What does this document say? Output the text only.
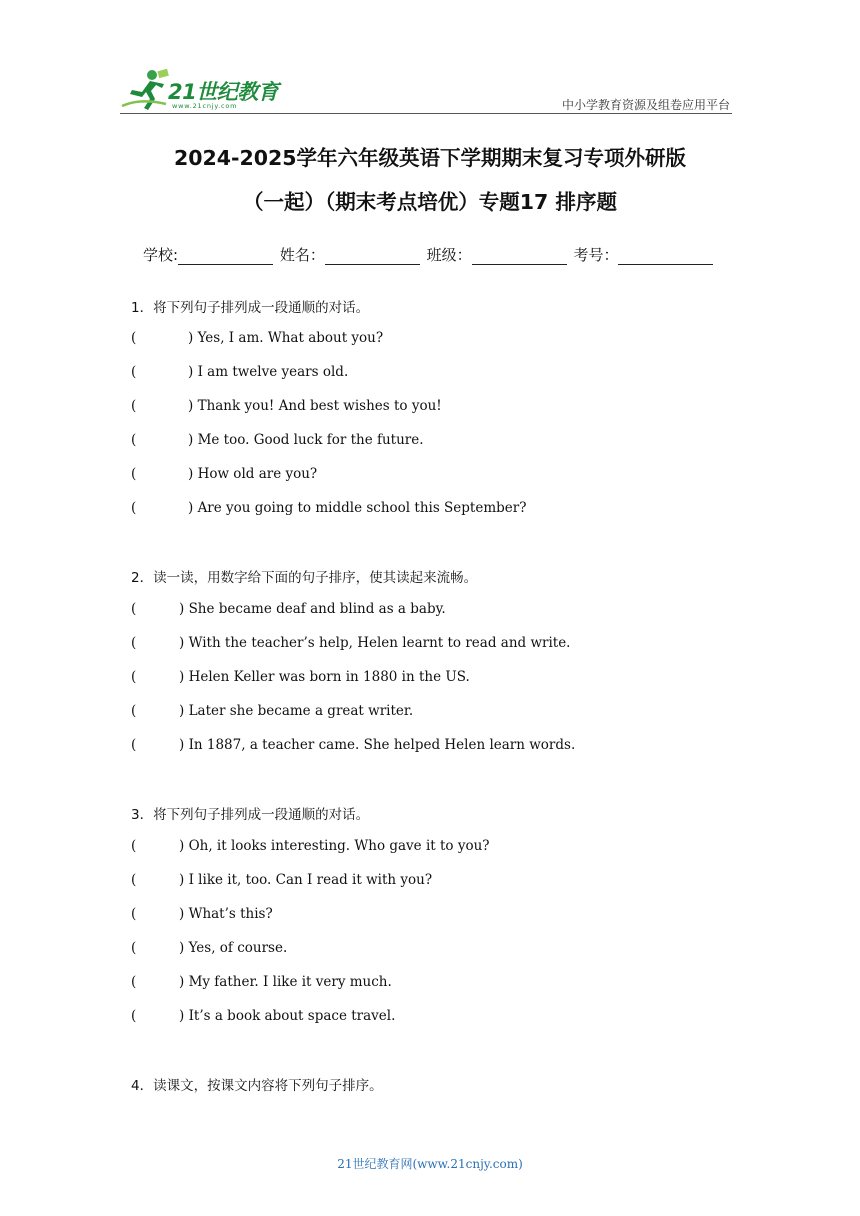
21世纪教育
www.21cnjy.com	中小学教育资源及组卷应用平台
2024-2025学年六年级英语下学期期末复习专项外研版
（一起）（期末考点培优）专题17 排序题
学校:	姓名：	班级：	考号：
1．将下列句子排列成一段通顺的对话。
(	) Yes, I am. What about you?
(	) I am twelve years old.
(	) Thank you! And best wishes to you!
(	) Me too. Good luck for the future.
(	) How old are you?
(	) Are you going to middle school this September?
2．读一读，用数字给下面的句子排序，使其读起来流畅。
(	) She became deaf and blind as a baby.
(	) With the teacher’s help, Helen learnt to read and write.
(	) Helen Keller was born in 1880 in the US.
(	) Later she became a great writer.
(	) In 1887, a teacher came. She helped Helen learn words.
3．将下列句子排列成一段通顺的对话。
(	) Oh, it looks interesting. Who gave it to you?
(	) I like it, too. Can I read it with you?
(	) What’s this?
(	) Yes, of course.
(	) My father. I like it very much.
(	) It’s a book about space travel.
4．读课文，按课文内容将下列句子排序。
21世纪教育网(www.21cnjy.com)
